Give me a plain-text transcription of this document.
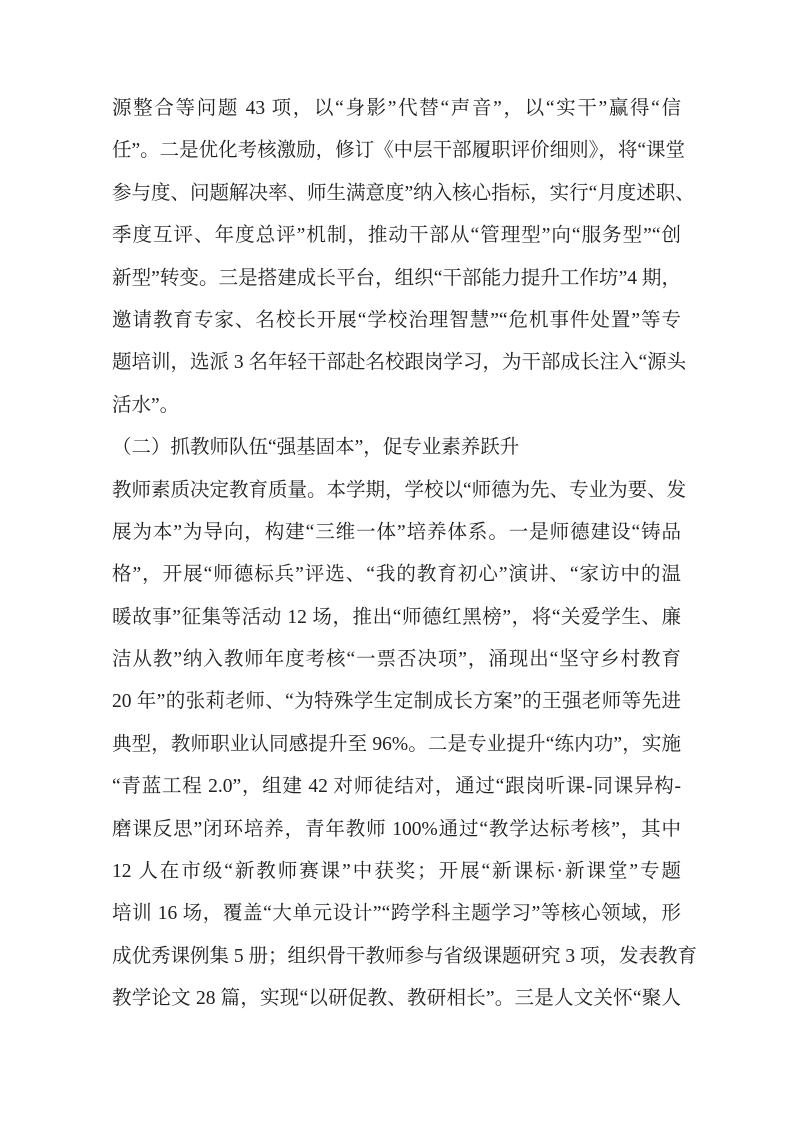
源整合等问题 43 项，以“身影”代替“声音”，以“实干”赢得“信
任”。二是优化考核激励，修订《中层干部履职评价细则》，将“课堂
参与度、问题解决率、师生满意度”纳入核心指标，实行“月度述职、
季度互评、年度总评”机制，推动干部从“管理型”向“服务型”“创
新型”转变。三是搭建成长平台，组织“干部能力提升工作坊”4 期，
邀请教育专家、名校长开展“学校治理智慧”“危机事件处置”等专
题培训，选派 3 名年轻干部赴名校跟岗学习，为干部成长注入“源头
活水”。
（二）抓教师队伍“强基固本”，促专业素养跃升
教师素质决定教育质量。本学期，学校以“师德为先、专业为要、发
展为本”为导向，构建“三维一体”培养体系。一是师德建设“铸品
格”，开展“师德标兵”评选、“我的教育初心”演讲、“家访中的温
暖故事”征集等活动 12 场，推出“师德红黑榜”，将“关爱学生、廉
洁从教”纳入教师年度考核“一票否决项”，涌现出“坚守乡村教育
20 年”的张莉老师、“为特殊学生定制成长方案”的王强老师等先进
典型，教师职业认同感提升至 96%。二是专业提升“练内功”，实施
“青蓝工程 2.0”，组建 42 对师徒结对，通过“跟岗听课-同课异构-
磨课反思”闭环培养，青年教师 100%通过“教学达标考核”，其中
12 人在市级“新教师赛课”中获奖；开展“新课标·新课堂”专题
培训 16 场，覆盖“大单元设计”“跨学科主题学习”等核心领域，形
成优秀课例集 5 册；组织骨干教师参与省级课题研究 3 项，发表教育
教学论文 28 篇，实现“以研促教、教研相长”。三是人文关怀“聚人
